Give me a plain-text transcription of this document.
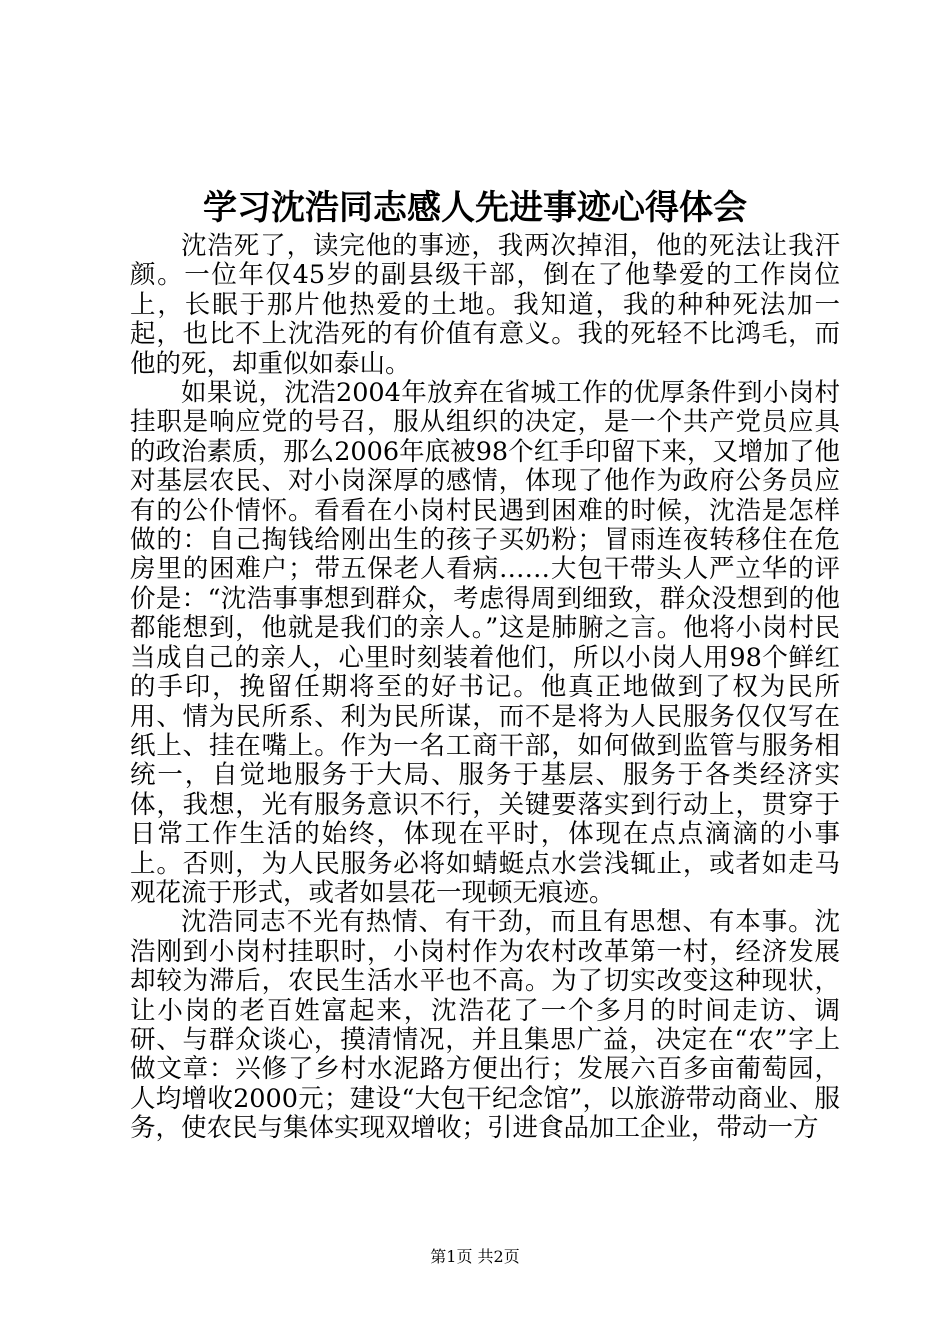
学习沈浩同志感人先进事迹心得体会

沈浩死了，读完他的事迹，我两次掉泪，他的死法让我汗颜。一位年仅45岁的副县级干部，倒在了他挚爱的工作岗位上，长眠于那片他热爱的土地。我知道，我的种种死法加一起，也比不上沈浩死的有价值有意义。我的死轻不比鸿毛，而他的死，却重似如泰山。

如果说，沈浩2004年放弃在省城工作的优厚条件到小岗村挂职是响应党的号召，服从组织的决定，是一个共产党员应具的政治素质，那么2006年底被98个红手印留下来，又增加了他对基层农民、对小岗深厚的感情，体现了他作为政府公务员应有的公仆情怀。看看在小岗村民遇到困难的时候，沈浩是怎样做的：自己掏钱给刚出生的孩子买奶粉；冒雨连夜转移住在危房里的困难户；带五保老人看病……大包干带头人严立华的评价是：“沈浩事事想到群众，考虑得周到细致，群众没想到的他都能想到，他就是我们的亲人。”这是肺腑之言。他将小岗村民当成自己的亲人，心里时刻装着他们，所以小岗人用98个鲜红的手印，挽留任期将至的好书记。他真正地做到了权为民所用、情为民所系、利为民所谋，而不是将为人民服务仅仅写在纸上、挂在嘴上。作为一名工商干部，如何做到监管与服务相统一，自觉地服务于大局、服务于基层、服务于各类经济实体，我想，光有服务意识不行，关键要落实到行动上，贯穿于日常工作生活的始终，体现在平时，体现在点点滴滴的小事上。否则，为人民服务必将如蜻蜓点水尝浅辄止，或者如走马观花流于形式，或者如昙花一现顿无痕迹。

沈浩同志不光有热情、有干劲，而且有思想、有本事。沈浩刚到小岗村挂职时，小岗村作为农村改革第一村，经济发展却较为滞后，农民生活水平也不高。为了切实改变这种现状，让小岗的老百姓富起来，沈浩花了一个多月的时间走访、调研、与群众谈心，摸清情况，并且集思广益，决定在“农”字上做文章：兴修了乡村水泥路方便出行；发展六百多亩葡萄园，人均增收2000元；建设“大包干纪念馆”，以旅游带动商业、服务，使农民与集体实现双增收；引进食品加工企业，带动一方

第1页 共2页
